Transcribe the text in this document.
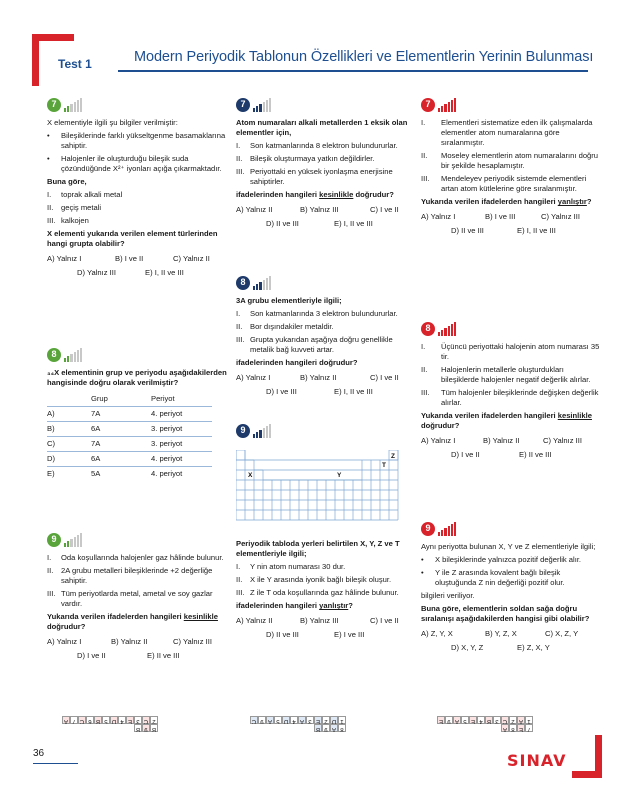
Test 1	Modern Periyodik Tablonun Özellikleri ve Elementlerin Yerinin Bulunması
7

X elementiyle ilgili şu bilgiler verilmiştir:

•	Bileşiklerinde farklı yükseltgenme basamaklarına sahiptir.
•	Halojenler ile oluşturduğu bileşik suda çözündüğünde X²⁺ iyonları açığa çıkarmaktadır.

Buna göre,

I.	toprak alkali metal
II.	geçiş metali
III. kalkojen

X elementi yukarıda verilen element türlerinden hangi grupta olabilir?

A) Yalnız I	B) I ve II	C) Yalnız II
D) Yalnız III	E) I, II ve III
8

₃₄X elementinin grup ve periyodu aşağıdakilerden hangisinde doğru olarak verilmiştir?

	Grup	Periyot
A)	7A	4. periyot
B)	6A	3. periyot
C)	7A	3. periyot
D)	6A	4. periyot
E)	5A	4. periyot
9
I.	Oda koşullarında halojenler gaz hâlinde bulunur.
II.	2A grubu metalleri bileşiklerinde +2 değerliğe sahiptir.
III. Tüm periyotlarda metal, ametal ve soy gazlar vardır.

Yukarıda verilen ifadelerden hangileri kesinlikle doğrudur?

A) Yalnız I	B) Yalnız II	C) Yalnız III
D) I ve II	E) II ve III
7

Atom numaraları alkali metallerden 1 eksik olan elementler için,

I.	Son katmanlarında 8 elektron bulundururlar.
II.	Bileşik oluşturmaya yatkın değildirler.
III. Periyottaki en yüksek iyonlaşma enerjisine sahiptirler.

ifadelerinden hangileri kesinlikle doğrudur?

A) Yalnız II	B) Yalnız III	C) I ve II
D) II ve III	E) I, II ve III
8

3A grubu elementleriyle ilgili;

I.	Son katmanlarında 3 elektron bulundururlar.
II.	Bor dışındakiler metaldir.
III. Grupta yukarıdan aşağıya doğru genellikle metalik bağ kuvveti artar.

ifadelerinden hangileri doğrudur?

A) Yalnız I	B) Yalnız II	C) I ve II
D) I ve III	E) I, II ve III
9
X	Y
T
Z

Periyodik tabloda yerleri belirtilen X, Y, Z ve T elementleriyle ilgili;

I.	Y nin atom numarası 30 dur.
II.	X ile Y arasında iyonik bağlı bileşik oluşur.
III. Z ile T oda koşullarında gaz hâlinde bulunur.

ifadelerinden hangileri yanlıştır?

A) Yalnız II	B) Yalnız III	C) I ve II
D) II ve III	E) I ve III
7
I.	Elementleri sistematize eden ilk çalışmalarda elementler atom numaralarına göre sıralanmıştır.
II.	Moseley elementlerin atom numaralarını doğru bir şekilde hesaplamıştır.
III.	Mendeleyev periyodik sistemde elementleri artan atom kütlelerine göre sıralanmıştır.

Yukarıda verilen ifadelerden hangileri yanlıştır?

A) Yalnız I	B) I ve III	C) Yalnız III
D) II ve III	E) I, II ve III
8
I.	Üçüncü periyottaki halojenin atom numarası 35 tir.
II.	Halojenlerin metallerle oluşturdukları bileşiklerde halojenler negatif değerlik alırlar.
III.	Tüm halojenler bileşiklerinde değişken değerlik alırlar.

Yukarıda verilen ifadelerden hangileri kesinlikle doğrudur?

A) Yalnız I	B) Yalnız II	C) Yalnız III
D) I ve II	E) II ve III
9

Aynı periyotta bulunan X, Y ve Z elementleriyle ilgili;

•	X bileşiklerinde yalnızca pozitif değerlik alır.
•	Y ile Z arasında kovalent bağlı bileşik oluştuğunda Z nin değerliği pozitif olur.

bilgileri veriliyor.

Buna göre, elementlerin soldan sağa doğru sıralanışı aşağıdakilerden hangisi gibi olabilir?

A) Z, Y, X	B) Y, Z, X	C) X, Z, Y
D) X, Y, Z	E) Z, X, Y
A 7 C 6 B 5 D 4 E 3 C 2
B 9 B
C 9 A 5 D 4 A 3 E 2 D 1
B 9 A 8
E 9 A 5 E 4 B 3 C 2 A 1
A 8 E 7
36	SINAV
